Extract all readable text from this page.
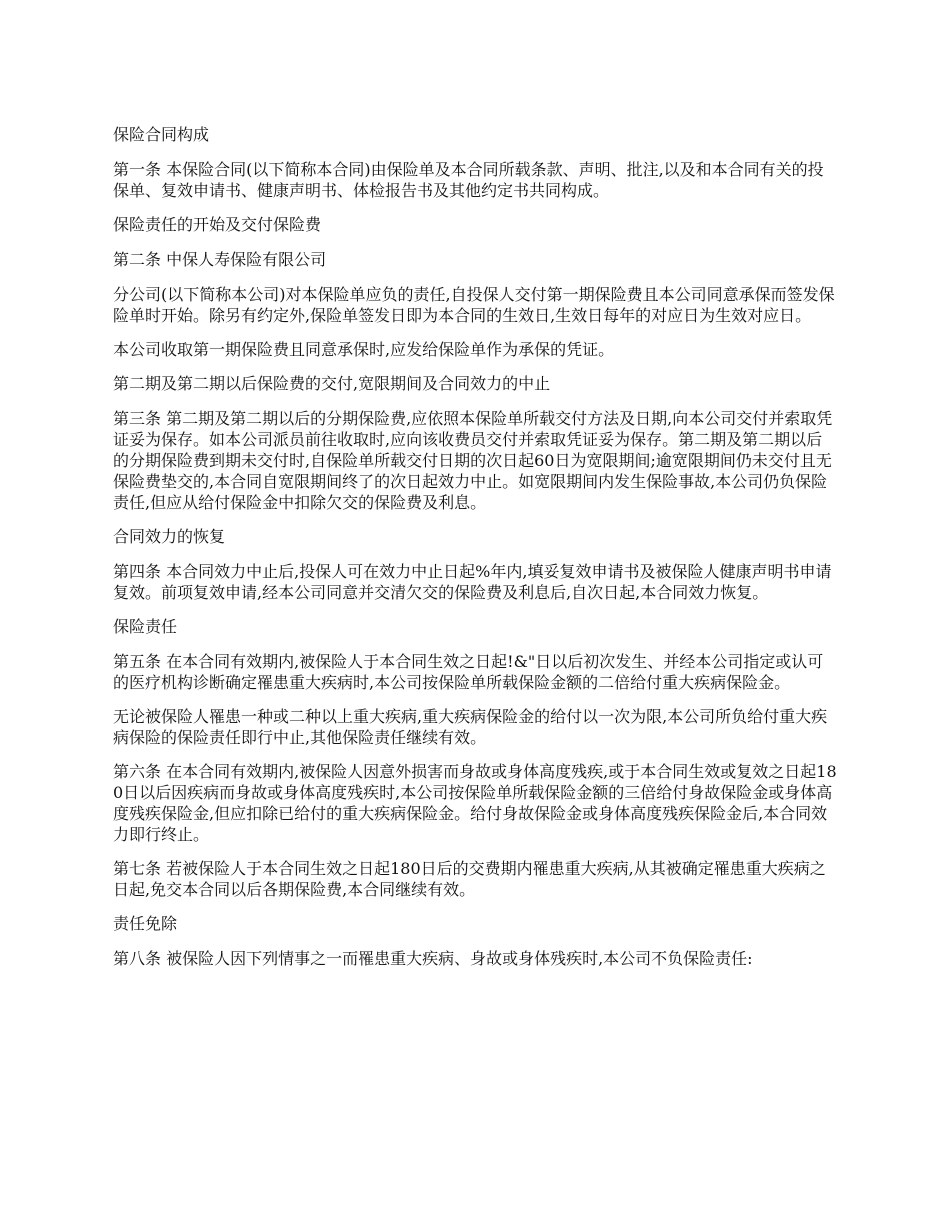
保险合同构成
第一条 本保险合同(以下简称本合同)由保险单及本合同所载条款、声明、批注,以及和本合同有关的投保单、复效申请书、健康声明书、体检报告书及其他约定书共同构成。
保险责任的开始及交付保险费
第二条 中保人寿保险有限公司
分公司(以下简称本公司)对本保险单应负的责任,自投保人交付第一期保险费且本公司同意承保而签发保险单时开始。除另有约定外,保险单签发日即为本合同的生效日,生效日每年的对应日为生效对应日。
本公司收取第一期保险费且同意承保时,应发给保险单作为承保的凭证。
第二期及第二期以后保险费的交付,宽限期间及合同效力的中止
第三条 第二期及第二期以后的分期保险费,应依照本保险单所载交付方法及日期,向本公司交付并索取凭证妥为保存。如本公司派员前往收取时,应向该收费员交付并索取凭证妥为保存。第二期及第二期以后的分期保险费到期未交付时,自保险单所载交付日期的次日起60日为宽限期间;逾宽限期间仍未交付且无保险费垫交的,本合同自宽限期间终了的次日起效力中止。如宽限期间内发生保险事故,本公司仍负保险责任,但应从给付保险金中扣除欠交的保险费及利息。
合同效力的恢复
第四条 本合同效力中止后,投保人可在效力中止日起%年内,填妥复效申请书及被保险人健康声明书申请复效。前项复效申请,经本公司同意并交清欠交的保险费及利息后,自次日起,本合同效力恢复。
保险责任
第五条 在本合同有效期内,被保险人于本合同生效之日起!&"日以后初次发生、并经本公司指定或认可的医疗机构诊断确定罹患重大疾病时,本公司按保险单所载保险金额的二倍给付重大疾病保险金。
无论被保险人罹患一种或二种以上重大疾病,重大疾病保险金的给付以一次为限,本公司所负给付重大疾病保险的保险责任即行中止,其他保险责任继续有效。
第六条 在本合同有效期内,被保险人因意外损害而身故或身体高度残疾,或于本合同生效或复效之日起180日以后因疾病而身故或身体高度残疾时,本公司按保险单所载保险金额的三倍给付身故保险金或身体高度残疾保险金,但应扣除已给付的重大疾病保险金。给付身故保险金或身体高度残疾保险金后,本合同效力即行终止。
第七条 若被保险人于本合同生效之日起180日后的交费期内罹患重大疾病,从其被确定罹患重大疾病之日起,免交本合同以后各期保险费,本合同继续有效。
责任免除
第八条 被保险人因下列情事之一而罹患重大疾病、身故或身体残疾时,本公司不负保险责任:
